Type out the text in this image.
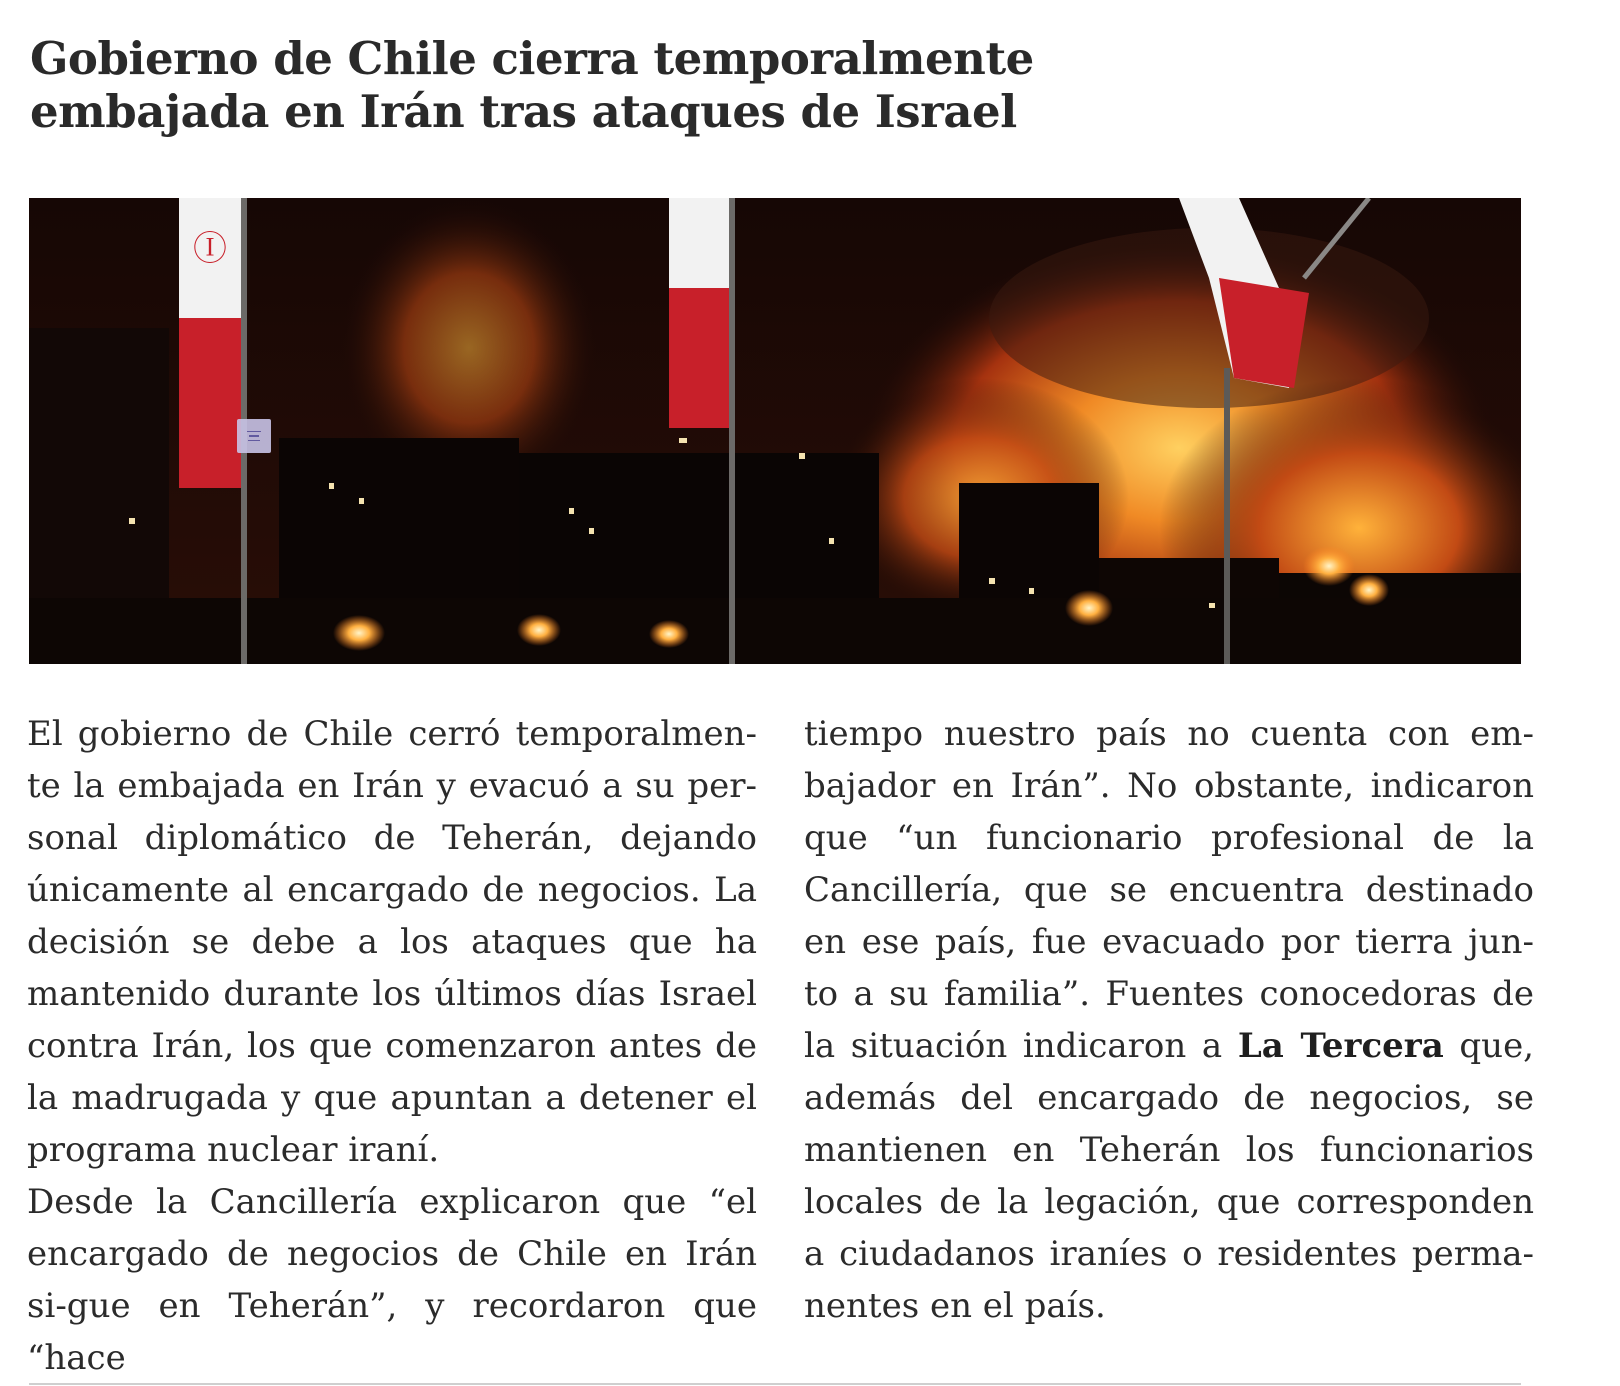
Gobierno de Chile cierra temporalmente
embajada en Irán tras ataques de Israel
Ⓘ

El gobierno de Chile cerró temporalmen-te la embajada en Irán y evacuó a su per-sonal diplomático de Teherán, dejando únicamente al encargado de negocios. La decisión se debe a los ataques que ha mantenido durante los últimos días Israel contra Irán, los que comenzaron antes de la madrugada y que apuntan a detener el programa nuclear iraní.

Desde la Cancillería explicaron que “el encargado de negocios de Chile en Irán si-gue en Teherán”, y recordaron que “hace

tiempo nuestro país no cuenta con em-bajador en Irán”. No obstante, indicaron que “un funcionario profesional de la Cancillería, que se encuentra destinado en ese país, fue evacuado por tierra jun-to a su familia”. Fuentes conocedoras de la situación indicaron a La Tercera que, además del encargado de negocios, se mantienen en Teherán los funcionarios locales de la legación, que corresponden a ciudadanos iraníes o residentes perma-nentes en el país.
